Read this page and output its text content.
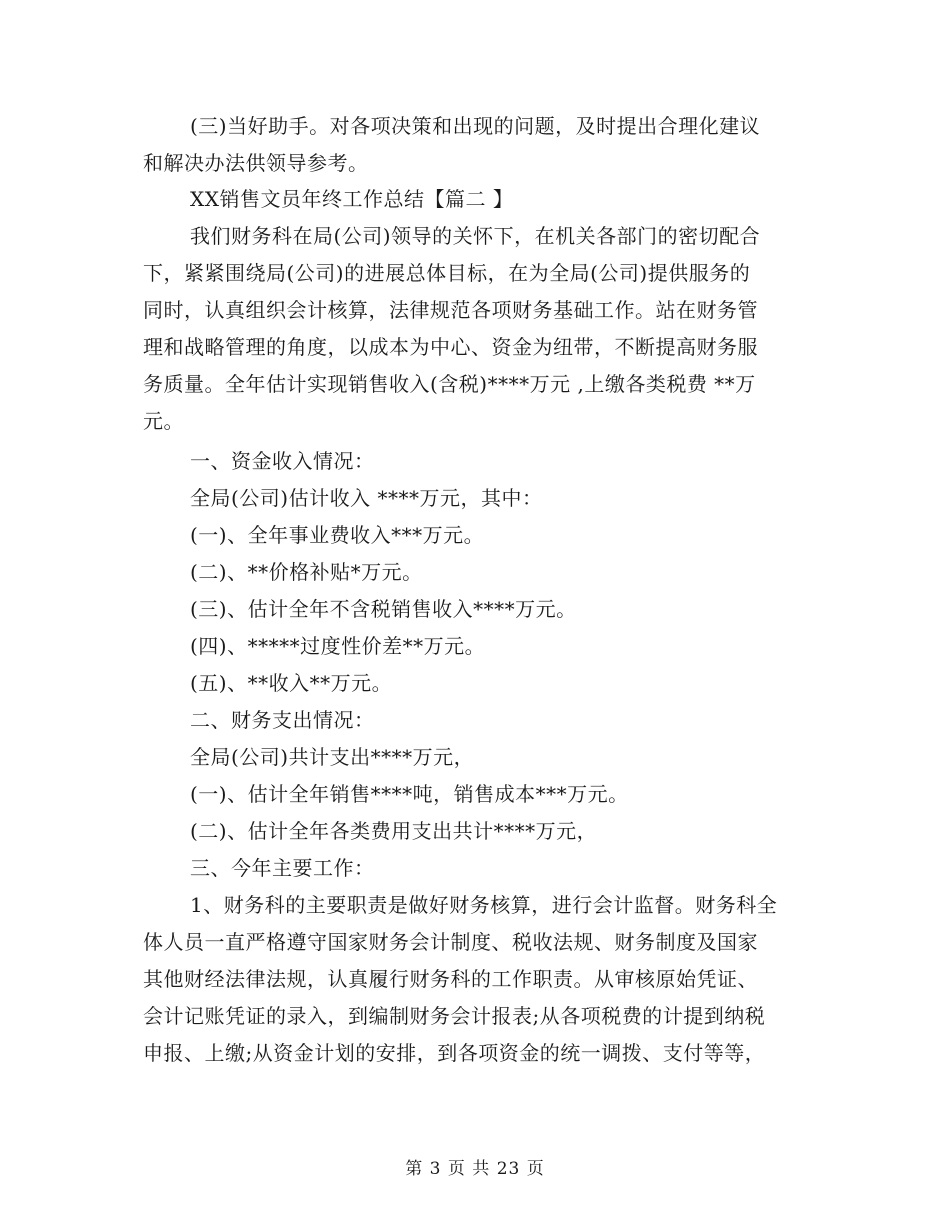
(三)当好助手。对各项决策和出现的问题，及时提出合理化建议
和解决办法供领导参考。
XX销售文员年终工作总结【篇二 】
我们财务科在局(公司)领导的关怀下，在机关各部门的密切配合
下，紧紧围绕局(公司)的进展总体目标，在为全局(公司)提供服务的
同时，认真组织会计核算，法律规范各项财务基础工作。站在财务管
理和战略管理的角度，以成本为中心、资金为纽带，不断提高财务服
务质量。全年估计实现销售收入(含税)****万元 ,上缴各类税费 **万
元。
一、资金收入情况：
全局(公司)估计收入 ****万元，其中：
(一)、全年事业费收入***万元。
(二)、**价格补贴*万元。
(三)、估计全年不含税销售收入****万元。
(四)、*****过度性价差**万元。
(五)、**收入**万元。
二、财务支出情况：
全局(公司)共计支出****万元，
(一)、估计全年销售****吨，销售成本***万元。
(二)、估计全年各类费用支出共计****万元，
三、今年主要工作：
1、财务科的主要职责是做好财务核算，进行会计监督。财务科全
体人员一直严格遵守国家财务会计制度、税收法规、财务制度及国家
其他财经法律法规，认真履行财务科的工作职责。从审核原始凭证、
会计记账凭证的录入，到编制财务会计报表;从各项税费的计提到纳税
申报、上缴;从资金计划的安排，到各项资金的统一调拨、支付等等，
第 3 页 共 23 页
